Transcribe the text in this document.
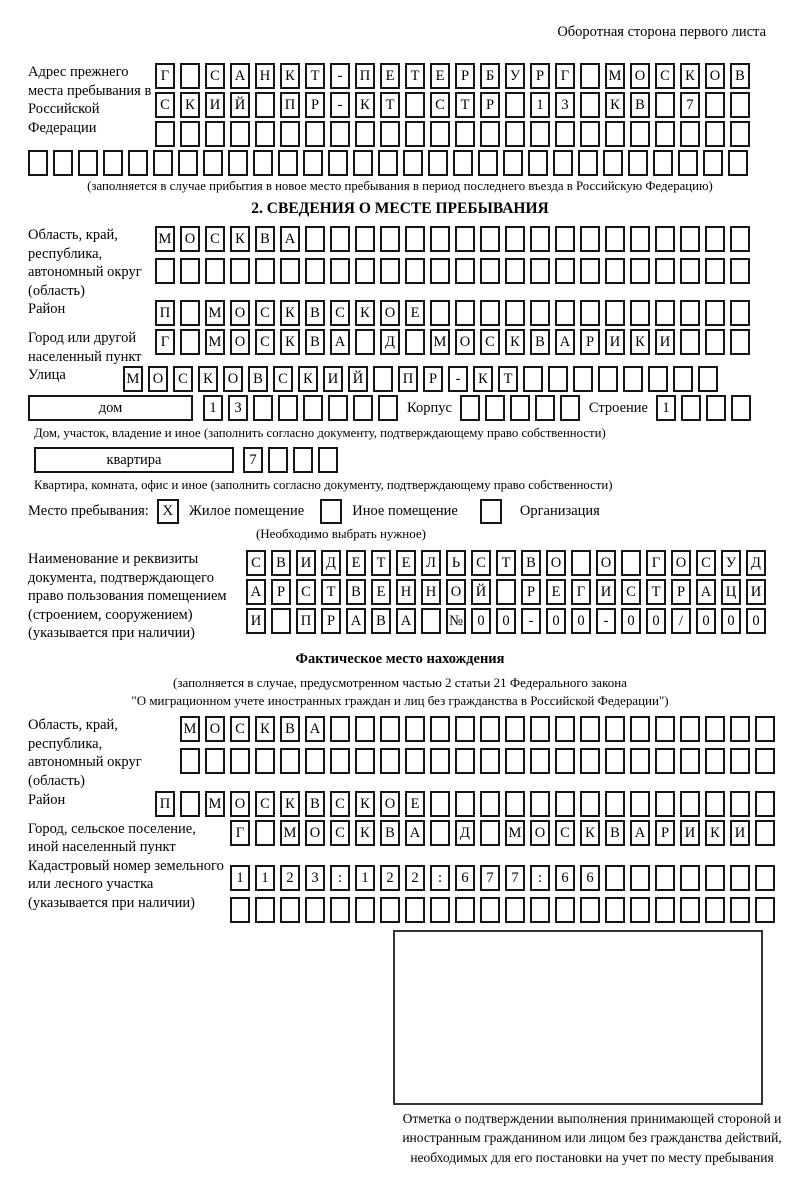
Оборотная сторона первого листа
Адрес прежнего места пребывания в Российской Федерации
Г	С	А	Н	К	Т	-	П	Е	Т	Е	Р	Б	У	Р	Г	М О	С	К	О	В
С	К	И	Й	П	Р	-	К	Т	С	Т	Р	1	3	К	В	7
(заполняется в случае прибытия в новое место пребывания в период последнего въезда в Российскую Федерацию)
2. СВЕДЕНИЯ О МЕСТЕ ПРЕБЫВАНИЯ
Область, край, республика, автономный округ (область)
М О	С	К	В	А
Район	П	М О	С	К	В	С	К	О	Е
Город или другой населенный пункт
Г	М О	С	К	В	А	Д	М О	С	К	В	А	Р	И	К	И
Улица	М О	С	К	О	В	С	К	И	Й	П	Р	-	К	Т
дом	1	3	Корпус	Строение 1
Дом, участок, владение и иное (заполнить согласно документу, подтверждающему право собственности)
квартира	7
Квартира, комната, офис и иное (заполнить согласно документу, подтверждающему право собственности)
Место пребывания: X	Жилое помещение	Иное помещение	Организация
(Необходимо выбрать нужное)
Наименование и реквизиты документа, подтверждающего право пользования помещением (строением, сооружением) (указывается при наличии)
С	В	И	Д	Е	Т	Е	Л	Ь	С	Т	В	О	О	Г	О	С	У	Д
А	Р	С	Т	В	Е	Н	Н	О	Й	Р	Е	Г	И	С	Т	Р	А	Ц	И
И	П	Р	А	В	А	№ 0	0	-	0	0	-	0	0	/	0	0	0
Фактическое место нахождения
(заполняется в случае, предусмотренном частью 2 статьи 21 Федерального закона
"О миграционном учете иностранных граждан и лиц без гражданства в Российской Федерации")
Область, край, республика, автономный округ (область)
М О	С	К	В	А
Район	П	М О	С	К	В	С	К	О	Е
Город, сельское поселение, иной населенный пункт
Г	М О	С	К	В	А	Д	М О	С	К	В	А	Р	И	К	И
Кадастровый номер земельного или лесного участка (указывается при наличии)
1	1	2	3	:	1	2	2	:	6	7	7	:	6	6
Отметка о подтверждении выполнения принимающей стороной и иностранным гражданином или лицом без гражданства действий, необходимых для его постановки на учет по месту пребывания
